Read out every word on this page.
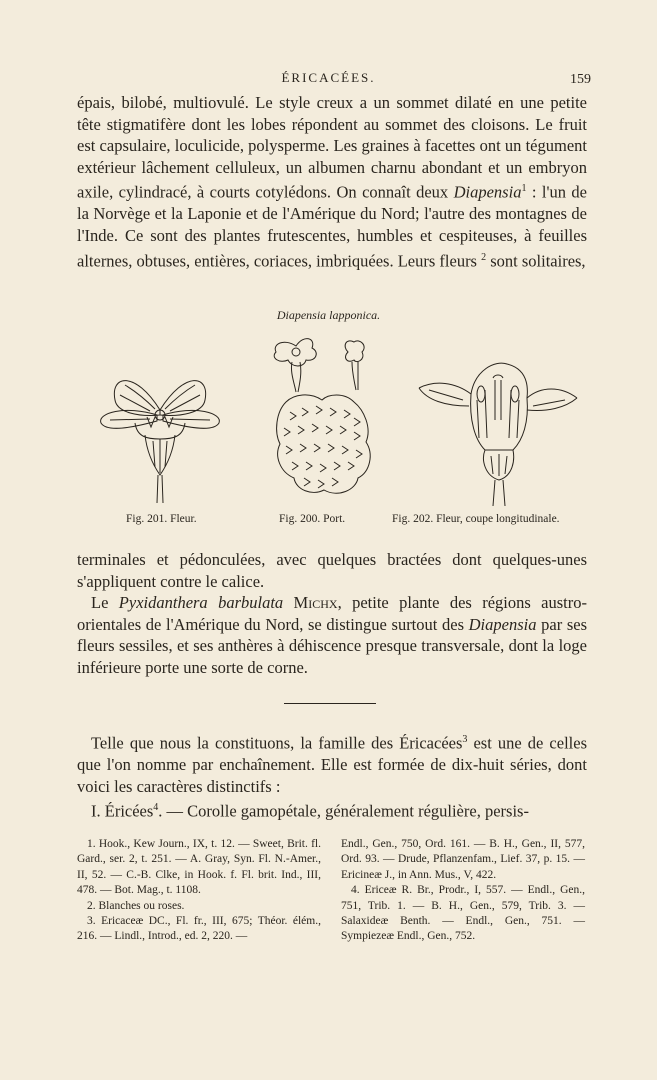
ÉRICACÉES.	159

épais, bilobé, multiovulé. Le style creux a un sommet dilaté en une petite tête stigmatifère dont les lobes répondent au sommet des cloisons. Le fruit est capsulaire, loculicide, polysperme. Les graines à facettes ont un tégument extérieur lâchement celluleux, un albumen charnu abondant et un embryon axile, cylindracé, à courts cotylédons. On connaît deux Diapensia$^1$ : l'un de la Norvège et la Laponie et de l'Amérique du Nord; l'autre des montagnes de l'Inde. Ce sont des plantes frutescentes, humbles et cespiteuses, à feuilles alternes, obtuses, entières, coriaces, imbriquées. Leurs fleurs $^2$ sont solitaires,

Diapensia lapponica.
Fig. 201. Fleur.	Fig. 200. Port.	Fig. 202. Fleur, coupe longitudinale.

terminales et pédonculées, avec quelques bractées dont quelques-unes s'appliquent contre le calice.
Le Pyxidanthera barbulata Michx, petite plante des régions austro-orientales de l'Amérique du Nord, se distingue surtout des Diapensia par ses fleurs sessiles, et ses anthères à déhiscence presque transversale, dont la loge inférieure porte une sorte de corne.

Telle que nous la constituons, la famille des Éricacées$^3$ est une de celles que l'on nomme par enchaînement. Elle est formée de dix-huit séries, dont voici les caractères distinctifs :
I. Éricées$^4$. — Corolle gamopétale, généralement régulière, persis-

1. Hook., Kew Journ., IX, t. 12. — Sweet, Brit. fl. Gard., ser. 2, t. 251. — A. Gray, Syn. Fl. N.-Amer., II, 52. — C.-B. Clke, in Hook. f. Fl. brit. Ind., III, 478. — Bot. Mag., t. 1108.
2. Blanches ou roses.
3. Ericaceæ DC., Fl. fr., III, 675; Théor. élém., 216. — Lindl., Introd., ed. 2, 220. —
Endl., Gen., 750, Ord. 161. — B. H., Gen., II, 577, Ord. 93. — Drude, Pflanzenfam., Lief. 37, p. 15. — Ericineæ J., in Ann. Mus., V, 422.
4. Ericeæ R. Br., Prodr., I, 557. — Endl., Gen., 751, Trib. 1. — B. H., Gen., 579, Trib. 3. — Salaxideæ Benth. — Endl., Gen., 751. — Sympiezeæ Endl., Gen., 752.
